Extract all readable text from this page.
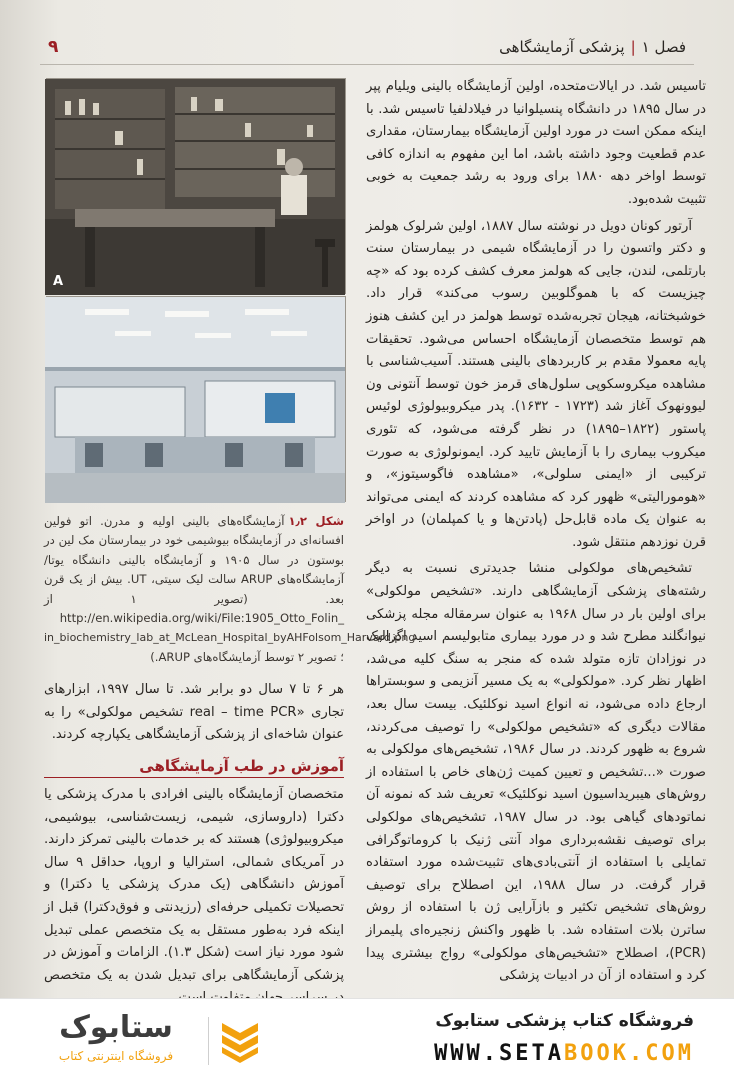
۹	فصل ۱|پزشکی آزمایشگاهی

تاسیس شد. در ایالات‌متحده، اولین آزمایشگاه بالینی ویلیام پپر در سال ۱۸۹۵ در دانشگاه پنسیلوانیا در فیلادلفیا تاسیس شد. با اینکه ممکن است در مورد اولین آزمایشگاه بیمارستان، مقداری عدم قطعیت وجود داشته باشد، اما این مفهوم به اندازه کافی توسط اواخر دهه ۱۸۸۰ برای ورود به رشد جمعیت به خوبی تثبیت شده‌بود.

آرتور کونان دویل در نوشته سال ۱۸۸۷، اولین شرلوک هولمز و دکتر واتسون را در آزمایشگاه شیمی در بیمارستان سنت بارتلمی، لندن، جایی که هولمز معرف کشف کرده بود که «چه چیزیست که با هموگلوبین رسوب می‌کند» قرار داد. خوشبختانه، هیجان تجربه‌شده توسط هولمز در این کشف هنوز هم توسط متخصصان آزمایشگاه احساس می‌شود. تحقیقات پایه معمولا مقدم بر کاربردهای بالینی هستند. آسیب‌شناسی با مشاهده میکروسکوپی سلول‌های قرمز خون توسط آنتونی ون لیوونهوک آغاز شد (۱۷۲۳ - ۱۶۳۲). پدر میکروبیولوژی لوئیس پاستور (۱۸۲۲–۱۸۹۵) در نظر گرفته می‌شود، که تئوری میکروب بیماری را با آزمایش تایید کرد. ایمونولوژی به صورت ترکیبی از «ایمنی سلولی»، «مشاهده فاگوسیتوز»، و «هومورالیتی» ظهور کرد که مشاهده کردند که ایمنی می‌تواند به عنوان یک ماده قابل‌حل (پادتن‌ها و یا کمپلمان) در اواخر قرن نوزدهم منتقل شود.

تشخیص‌های مولکولی منشا جدیدتری نسبت به دیگر رشته‌های پزشکی آزمایشگاهی دارند. «تشخیص مولکولی» برای اولین بار در سال ۱۹۶۸ به عنوان سرمقاله مجله پزشکی نیوانگلند مطرح شد و در مورد بیماری متابولیسم اسید اگزالیک در نوزادان تازه متولد شده که منجر به سنگ کلیه می‌شد، اظهار نظر کرد. «مولکولی» به یک مسیر آنزیمی و سوبستراها ارجاع داده می‌شود، نه انواع اسید نوکلئیک. بیست سال بعد، مقالات دیگری که «تشخیص مولکولی» را توصیف می‌کردند، شروع به ظهور کردند. در سال ۱۹۸۶، تشخیص‌های مولکولی به صورت «...تشخیص و تعیین کمیت ژن‌های خاص با استفاده از روش‌های هیبریداسیون اسید نوکلئیک» تعریف شد که نمونه آن نماتودهای گیاهی بود. در سال ۱۹۸۷، تشخیص‌های مولکولی برای توصیف نقشه‌برداری مواد آنتی ژنیک با کروماتوگرافی تمایلی با استفاده از آنتی‌بادی‌های تثبیت‌شده مورد استفاده قرار گرفت. در سال ۱۹۸۸، این اصطلاح برای توصیف روش‌های تشخیص تکثیر و بازآرایی ژن با استفاده از روش ساترن بلات استفاده شد. با ظهور واکنش زنجیره‌ای پلیمراز (PCR)، اصطلاح «تشخیص‌های مولکولی» رواج بیشتری پیدا کرد و استفاده از آن در ادبیات پزشکی

A
شکل ۱٫۲آزمایشگاه‌های بالینی اولیه و مدرن. اتو فولین افسانه‌ای در آزمایشگاه بیوشیمی خود در بیمارستان مک لین در بوستون در سال ۱۹۰۵ و آزمایشگاه بالینی دانشگاه یوتا/آزمایشگاه‌های ARUP سالت لیک سیتی، UT. بیش از یک قرن بعد. (تصویر ۱ از _http://en.wikipedia.org/wiki/File:1905_Otto_Folin
in_biochemistry_lab_at_McLean_Hospital_byAHFolsom_Harvard.png
؛ تصویر ۲ توسط آزمایشگاه‌های ARUP.)

هر ۶ تا ۷ سال دو برابر شد. تا سال ۱۹۹۷، ابزارهای تجاری «real – time PCR تشخیص مولکولی» را به عنوان شاخه‌ای از پزشکی آزمایشگاهی یکپارچه کردند.

آموزش در طب آزمایشگاهی

متخصصان آزمایشگاه بالینی افرادی با مدرک پزشکی یا دکترا (داروسازی، شیمی، زیست‌شناسی، بیوشیمی، میکروبیولوژی) هستند که بر خدمات بالینی تمرکز دارند. در آمریکای شمالی، استرالیا و اروپا، حداقل ۹ سال آموزش دانشگاهی (یک مدرک پزشکی یا دکترا) و تحصیلات تکمیلی حرفه‌ای (رزیدنتی و فوق‌دکترا) قبل از اینکه فرد به‌طور مستقل به یک متخصص عملی تبدیل شود مورد نیاز است (شکل ۱.۳). الزامات و آموزش در پزشکی آزمایشگاهی برای تبدیل شدن به یک متخصص

ستابوک
فروشگاه اینترنتی کتاب
فروشگاه کتاب پزشکی ستابوک
WWW.SETABOOK.COM
